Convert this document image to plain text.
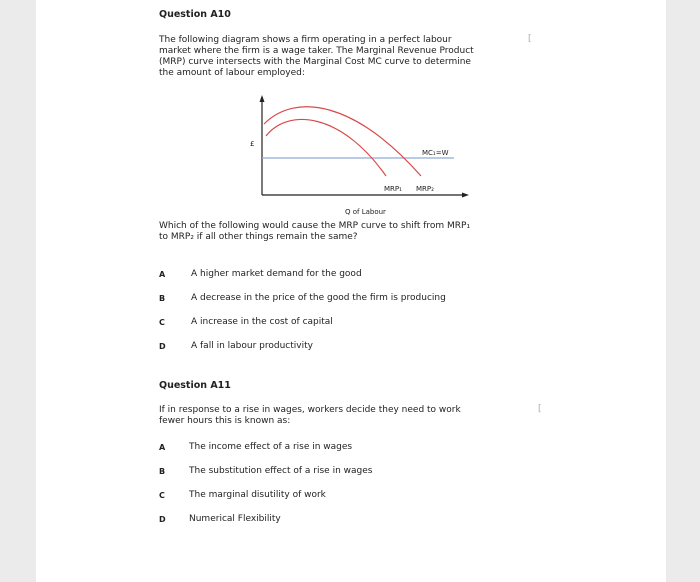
Question A10
The following diagram shows a firm operating in a perfect labour
market where the firm is a wage taker. The Marginal Revenue Product
(MRP) curve intersects with the Marginal Cost MC curve to determine
the amount of labour employed:
[
£
MC₁=W
MRP₁ MRP₂
Q of Labour
Which of the following would cause the MRP curve to shift from MRP₁
to MRP₂ if all other things remain the same?
A	A higher market demand for the good
B	A decrease in the price of the good the firm is producing
C	A increase in the cost of capital
D	A fall in labour productivity
Question A11
If in response to a rise in wages, workers decide they need to work
fewer hours this is known as:
[
A	The income effect of a rise in wages
B	The substitution effect of a rise in wages
C	The marginal disutility of work
D	Numerical Flexibility
